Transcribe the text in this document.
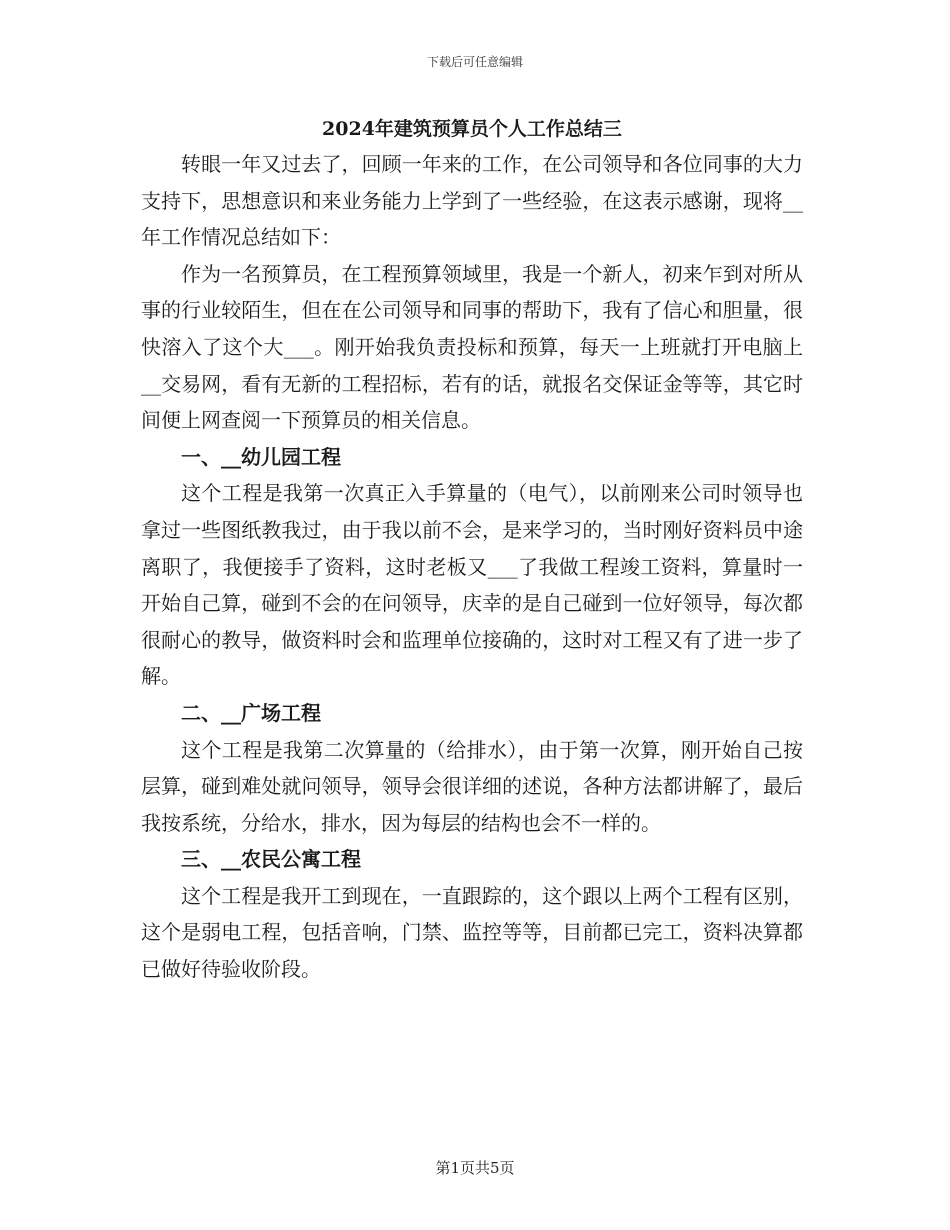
下载后可任意编辑
2024年建筑预算员个人工作总结三

转眼一年又过去了，回顾一年来的工作，在公司领导和各位同事的大力支持下，思想意识和来业务能力上学到了一些经验，在这表示感谢，现将__年工作情况总结如下：

作为一名预算员，在工程预算领域里，我是一个新人，初来乍到对所从事的行业较陌生，但在在公司领导和同事的帮助下，我有了信心和胆量，很快溶入了这个大___。刚开始我负责投标和预算，每天一上班就打开电脑上__交易网，看有无新的工程招标，若有的话，就报名交保证金等等，其它时间便上网查阅一下预算员的相关信息。

一、__幼儿园工程

这个工程是我第一次真正入手算量的（电气），以前刚来公司时领导也拿过一些图纸教我过，由于我以前不会，是来学习的，当时刚好资料员中途离职了，我便接手了资料，这时老板又___了我做工程竣工资料，算量时一开始自己算，碰到不会的在问领导，庆幸的是自己碰到一位好领导，每次都很耐心的教导，做资料时会和监理单位接确的，这时对工程又有了进一步了解。

二、__广场工程

这个工程是我第二次算量的（给排水），由于第一次算，刚开始自己按层算，碰到难处就问领导，领导会很详细的述说，各种方法都讲解了，最后我按系统，分给水，排水，因为每层的结构也会不一样的。

三、__农民公寓工程

这个工程是我开工到现在，一直跟踪的，这个跟以上两个工程有区别，这个是弱电工程，包括音响，门禁、监控等等，目前都已完工，资料决算都已做好待验收阶段。

第1页共5页
